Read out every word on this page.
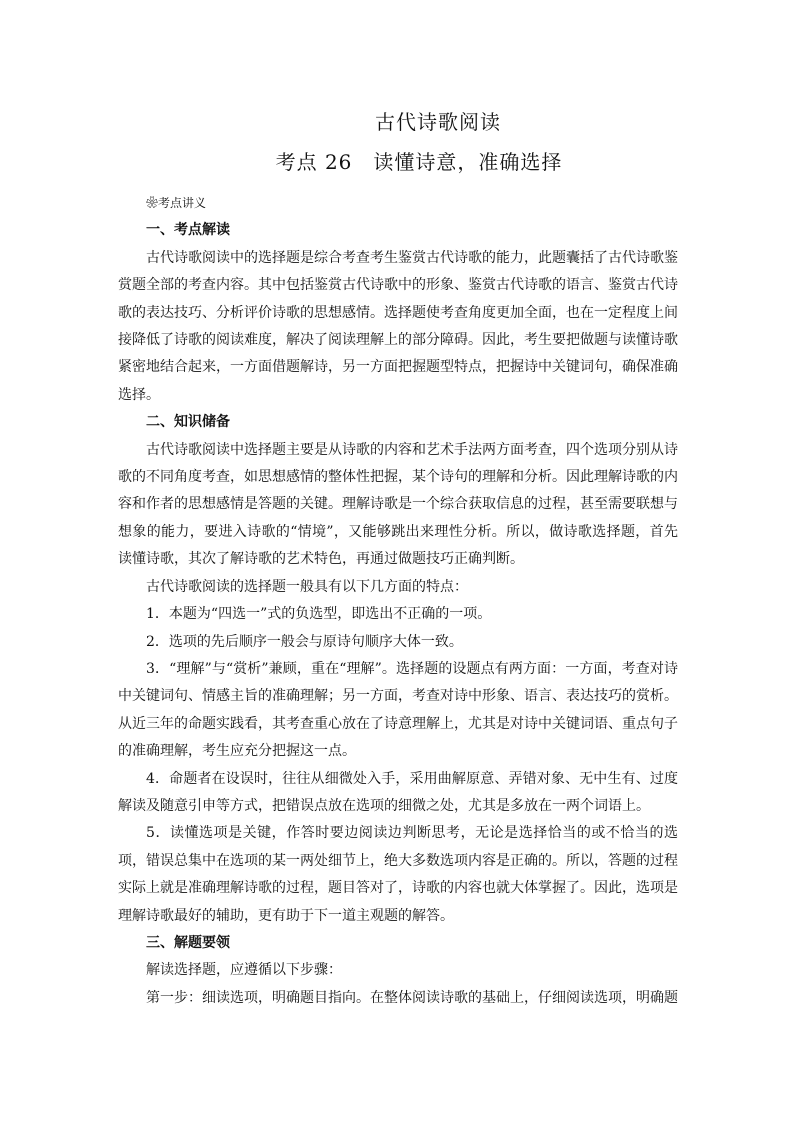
古代诗歌阅读
考点 26　读懂诗意，准确选择

❀考点讲义

一、考点解读

古代诗歌阅读中的选择题是综合考查考生鉴赏古代诗歌的能力，此题囊括了古代诗歌鉴赏题全部的考查内容。其中包括鉴赏古代诗歌中的形象、鉴赏古代诗歌的语言、鉴赏古代诗歌的表达技巧、分析评价诗歌的思想感情。选择题使考查角度更加全面，也在一定程度上间接降低了诗歌的阅读难度，解决了阅读理解上的部分障碍。因此，考生要把做题与读懂诗歌紧密地结合起来，一方面借题解诗，另一方面把握题型特点，把握诗中关键词句，确保准确选择。

二、知识储备

古代诗歌阅读中选择题主要是从诗歌的内容和艺术手法两方面考查，四个选项分别从诗歌的不同角度考查，如思想感情的整体性把握，某个诗句的理解和分析。因此理解诗歌的内容和作者的思想感情是答题的关键。理解诗歌是一个综合获取信息的过程，甚至需要联想与想象的能力，要进入诗歌的“情境”，又能够跳出来理性分析。所以，做诗歌选择题，首先读懂诗歌，其次了解诗歌的艺术特色，再通过做题技巧正确判断。

古代诗歌阅读的选择题一般具有以下几方面的特点：

1．本题为“四选一”式的负选型，即选出不正确的一项。

2．选项的先后顺序一般会与原诗句顺序大体一致。

3．“理解”与“赏析”兼顾，重在“理解”。选择题的设题点有两方面：一方面，考查对诗中关键词句、情感主旨的准确理解；另一方面，考查对诗中形象、语言、表达技巧的赏析。从近三年的命题实践看，其考查重心放在了诗意理解上，尤其是对诗中关键词语、重点句子的准确理解，考生应充分把握这一点。

4．命题者在设误时，往往从细微处入手，采用曲解原意、弄错对象、无中生有、过度解读及随意引申等方式，把错误点放在选项的细微之处，尤其是多放在一两个词语上。

5．读懂选项是关键，作答时要边阅读边判断思考，无论是选择恰当的或不恰当的选项，错误总集中在选项的某一两处细节上，绝大多数选项内容是正确的。所以，答题的过程实际上就是准确理解诗歌的过程，题目答对了，诗歌的内容也就大体掌握了。因此，选项是理解诗歌最好的辅助，更有助于下一道主观题的解答。

三、解题要领

解读选择题，应遵循以下步骤：

第一步：细读选项，明确题目指向。在整体阅读诗歌的基础上，仔细阅读选项，明确题
